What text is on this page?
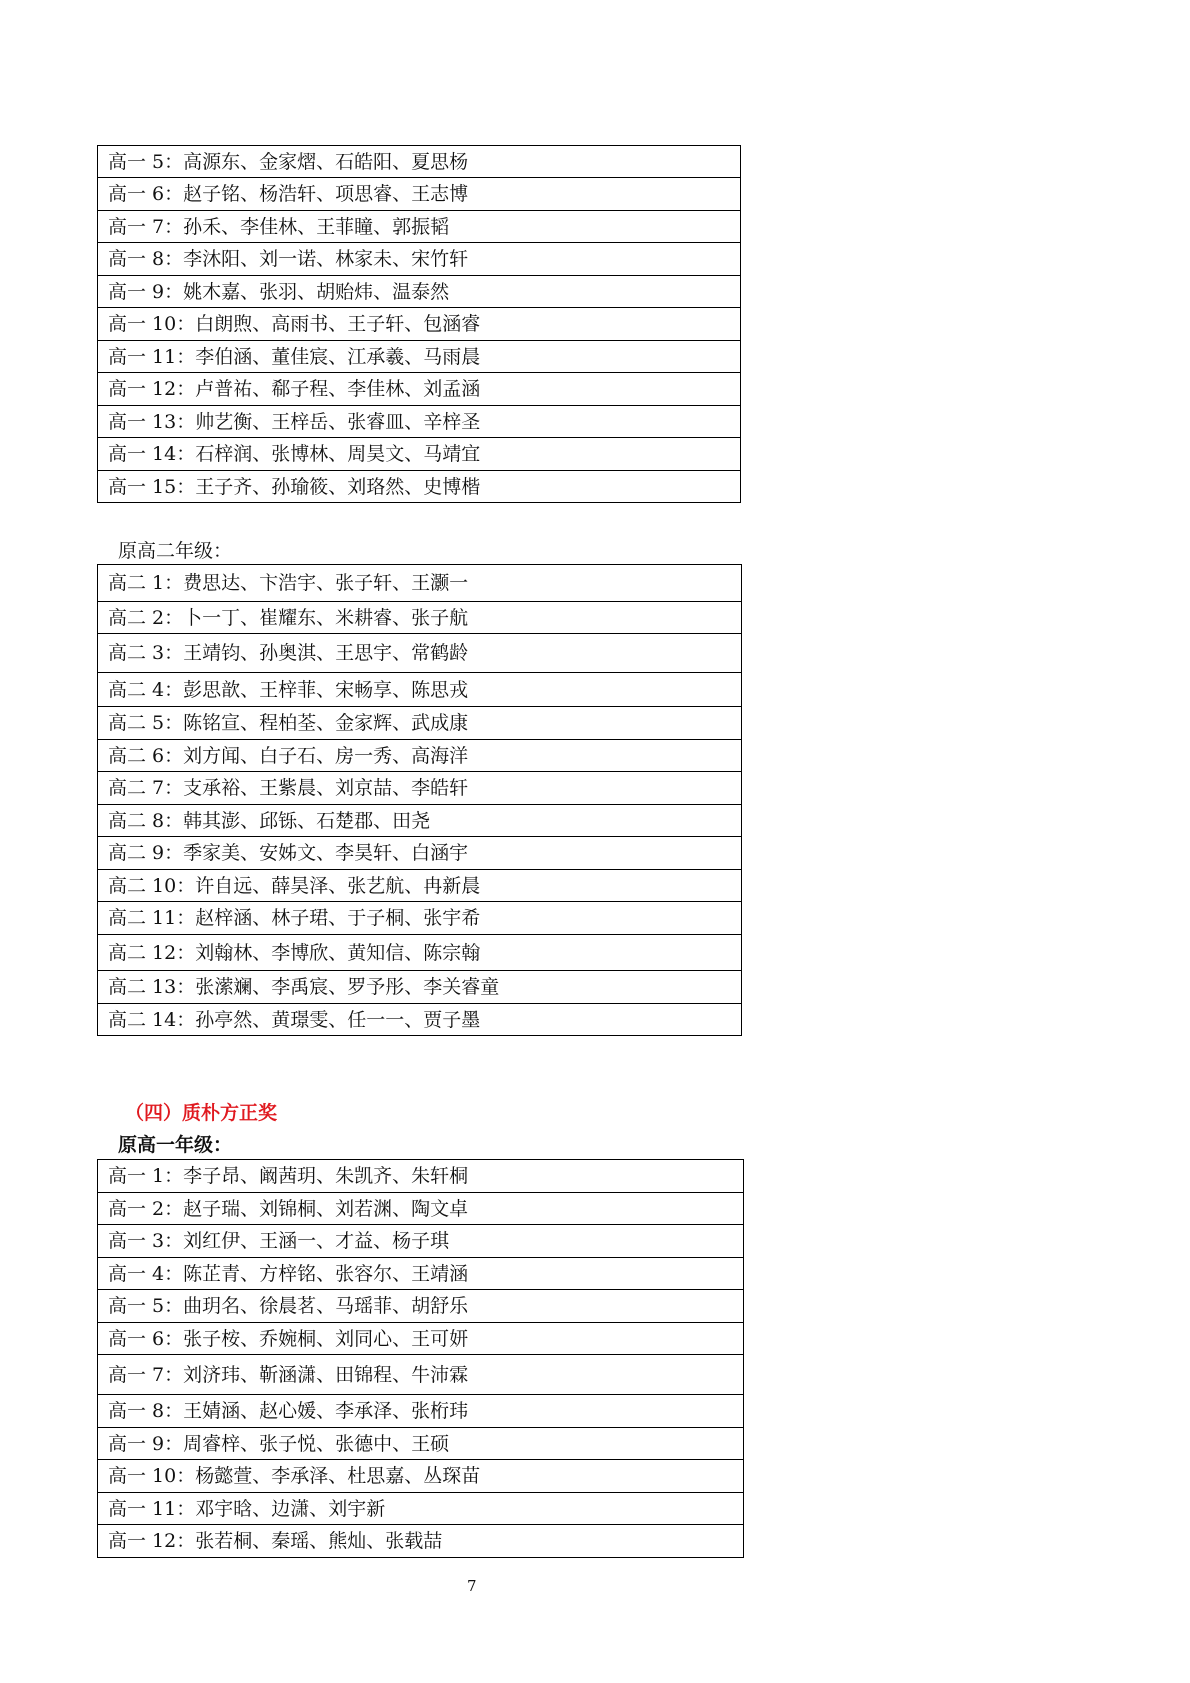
高一 5：高源东、金家熠、石皓阳、夏思杨
高一 6：赵子铭、杨浩轩、项思睿、王志博
高一 7：孙禾、李佳林、王菲瞳、郭振韬
高一 8：李沐阳、刘一诺、林家未、宋竹轩
高一 9：姚木嘉、张羽、胡贻炜、温泰然
高一 10：白朗煦、高雨书、王子轩、包涵睿
高一 11：李伯涵、董佳宸、江承羲、马雨晨
高一 12：卢普祐、郗子程、李佳林、刘孟涵
高一 13：帅艺衡、王梓岳、张睿皿、辛梓圣
高一 14：石梓润、张博林、周昊文、马靖宜
高一 15：王子齐、孙瑜筱、刘珞然、史博楷
原高二年级：
高二 1：费思达、卞浩宇、张子轩、王灏一
高二 2：卜一丁、崔耀东、米耕睿、张子航
高二 3：王靖钧、孙奥淇、王思宇、常鹤龄
高二 4：彭思歆、王梓菲、宋畅享、陈思戎
高二 5：陈铭宣、程柏荃、金家辉、武成康
高二 6：刘方闻、白子石、房一秀、高海洋
高二 7：支承裕、王紫晨、刘京喆、李皓轩
高二 8：韩其澎、邱铄、石楚郡、田尧
高二 9：季家美、安姊文、李昊轩、白涵宇
高二 10：许自远、薛昊泽、张艺航、冉新晨
高二 11：赵梓涵、林子珺、于子桐、张宇希
高二 12：刘翰林、李博欣、黄知信、陈宗翰
高二 13：张潆斓、李禹宸、罗予彤、李关睿童
高二 14：孙亭然、黄璟雯、任一一、贾子墨
（四）质朴方正奖
原高一年级：
高一 1：李子昂、阚茜玥、朱凯齐、朱轩桐
高一 2：赵子瑞、刘锦桐、刘若渊、陶文卓
高一 3：刘红伊、王涵一、才益、杨子琪
高一 4：陈芷青、方梓铭、张容尔、王靖涵
高一 5：曲玥名、徐晨茗、马瑶菲、胡舒乐
高一 6：张子桉、乔婉桐、刘同心、王可妍
高一 7：刘济玮、靳涵潇、田锦程、牛沛霖
高一 8：王婧涵、赵心媛、李承泽、张桁玮
高一 9：周睿梓、张子悦、张德中、王硕
高一 10：杨懿萱、李承泽、杜思嘉、丛琛苗
高一 11：邓宇晗、边潇、刘宇新
高一 12：张若桐、秦瑶、熊灿、张载喆
7
